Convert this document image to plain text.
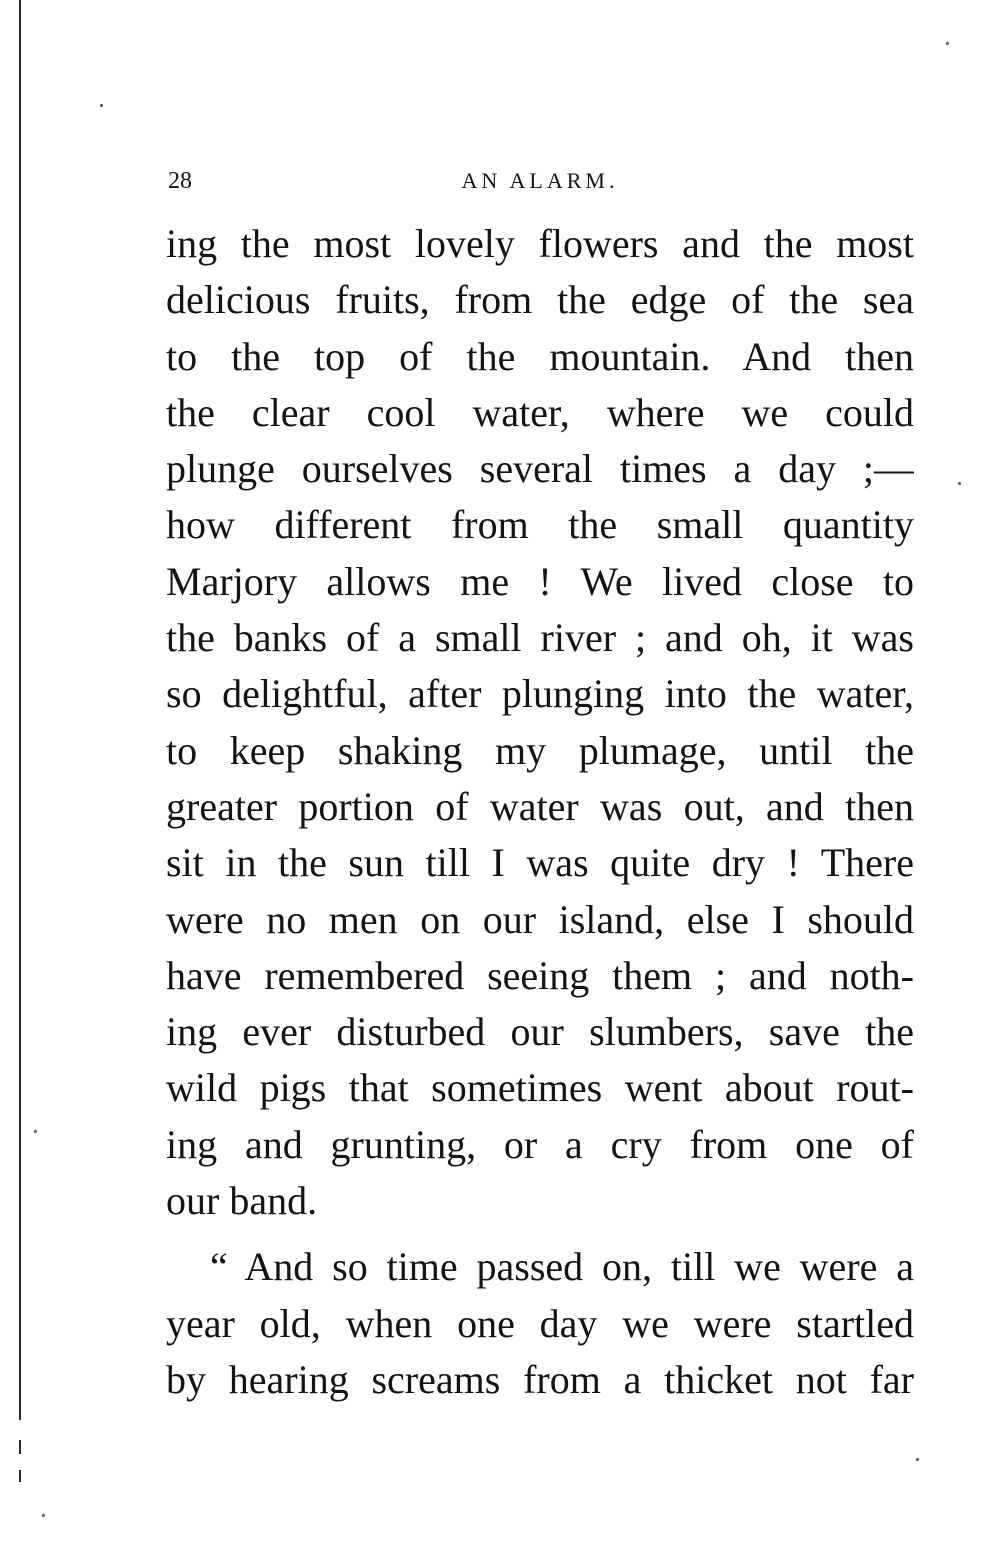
28	AN ALARM.
ing the most lovely flowers and the most
delicious fruits, from the edge of the sea
to the top of the mountain. And then
the clear cool water, where we could
plunge ourselves several times a day ;—
how different from the small quantity
Marjory allows me ! We lived close to
the banks of a small river ; and oh, it was
so delightful, after plunging into the water,
to keep shaking my plumage, until the
greater portion of water was out, and then
sit in the sun till I was quite dry ! There
were no men on our island, else I should
have remembered seeing them ; and noth-
ing ever disturbed our slumbers, save the
wild pigs that sometimes went about rout-
ing and grunting, or a cry from one of
our band.
“ And so time passed on, till we were a
year old, when one day we were startled
by hearing screams from a thicket not far
